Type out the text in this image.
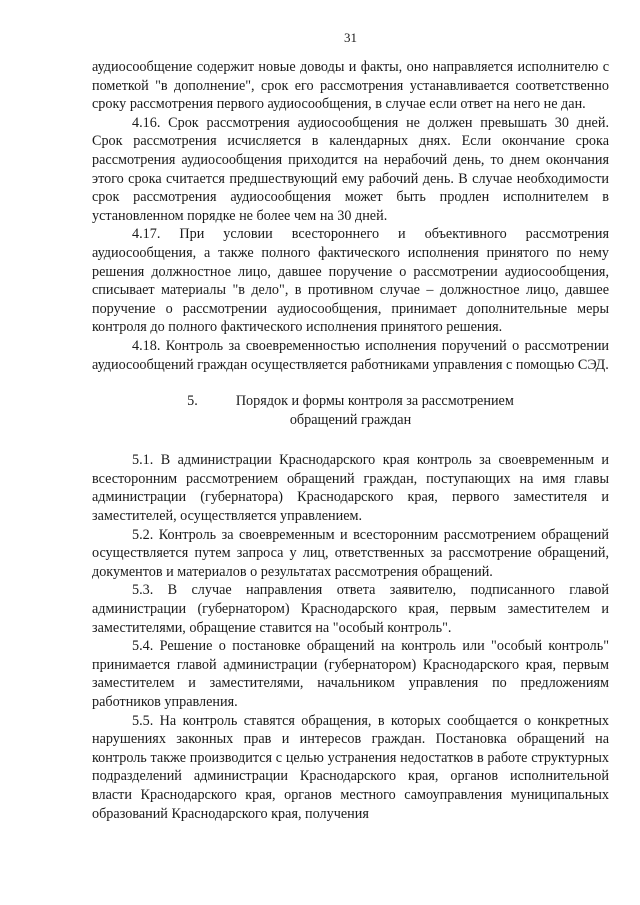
31

аудиосообщение содержит новые доводы и факты, оно направляется исполнителю с пометкой "в дополнение", срок его рассмотрения устанавливается соответственно сроку рассмотрения первого аудиосообщения, в случае если ответ на него не дан.

4.16. Срок рассмотрения аудиосообщения не должен превышать 30 дней. Срок рассмотрения исчисляется в календарных днях. Если окончание срока рассмотрения аудиосообщения приходится на нерабочий день, то днем окончания этого срока считается предшествующий ему рабочий день. В случае необходимости срок рассмотрения аудиосообщения может быть продлен исполнителем в установленном порядке не более чем на 30 дней.

4.17. При условии всестороннего и объективного рассмотрения аудиосообщения, а также полного фактического исполнения принятого по нему решения должностное лицо, давшее поручение о рассмотрении аудиосообщения, списывает материалы "в дело", в противном случае – должностное лицо, давшее поручение о рассмотрении аудиосообщения, принимает дополнительные меры контроля до полного фактического исполнения принятого решения.

4.18. Контроль за своевременностью исполнения поручений о рассмотрении аудиосообщений граждан осуществляется работниками управления с помощью СЭД.

5.	Порядок и формы контроля за рассмотрением
обращений граждан

5.1. В администрации Краснодарского края контроль за своевременным и всесторонним рассмотрением обращений граждан, поступающих на имя главы администрации (губернатора) Краснодарского края, первого заместителя и заместителей, осуществляется управлением.

5.2. Контроль за своевременным и всесторонним рассмотрением обращений осуществляется путем запроса у лиц, ответственных за рассмотрение обращений, документов и материалов о результатах рассмотрения обращений.

5.3. В случае направления ответа заявителю, подписанного главой администрации (губернатором) Краснодарского края, первым заместителем и заместителями, обращение ставится на "особый контроль".

5.4. Решение о постановке обращений на контроль или "особый контроль" принимается главой администрации (губернатором) Краснодарского края, первым заместителем и заместителями, начальником управления по предложениям работников управления.

5.5. На контроль ставятся обращения, в которых сообщается о конкретных нарушениях законных прав и интересов граждан. Постановка обращений на контроль также производится с целью устранения недостатков в работе структурных подразделений администрации Краснодарского края, органов исполнительной власти Краснодарского края, органов местного самоуправления муниципальных образований Краснодарского края, получения
